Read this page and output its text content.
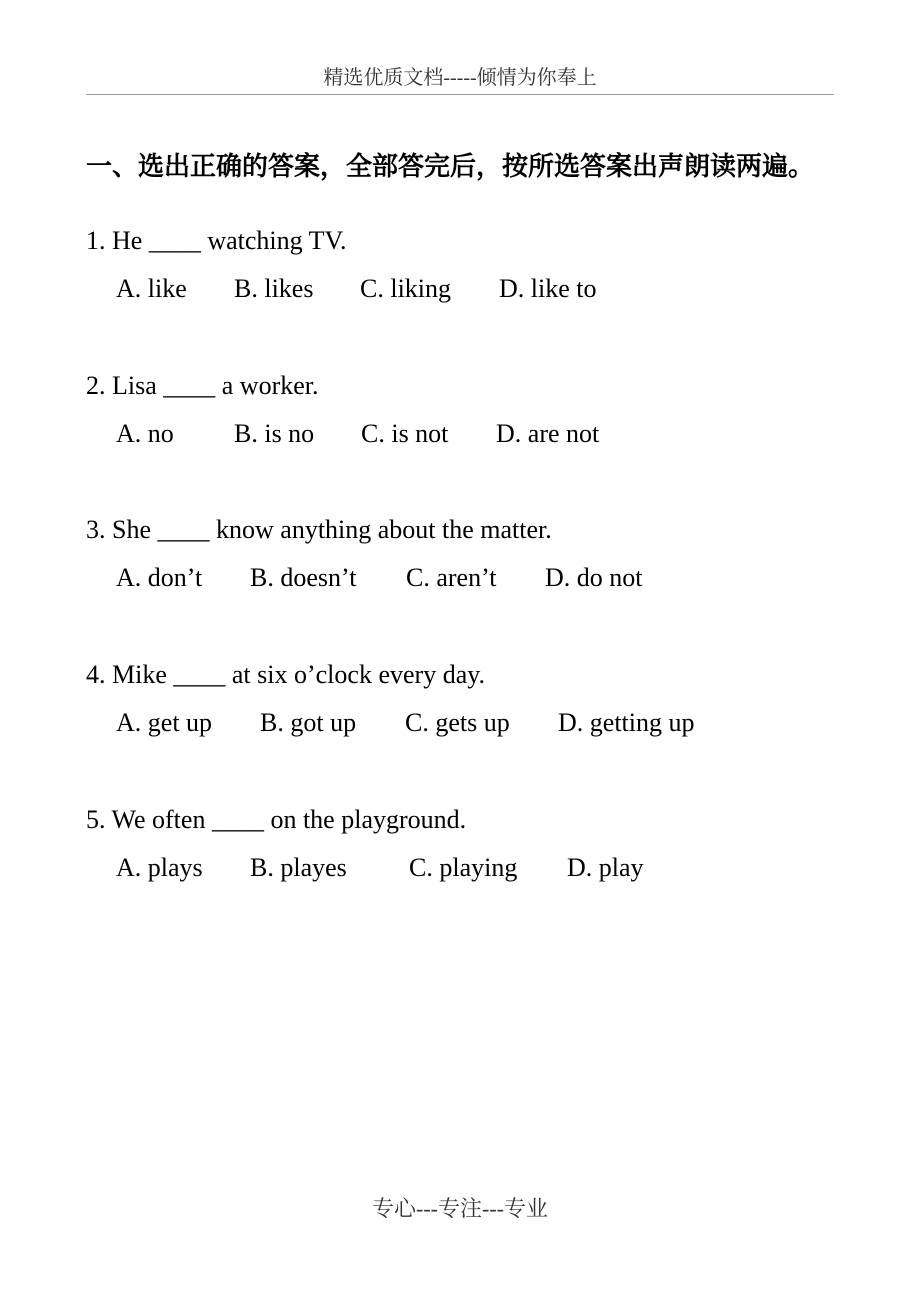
精选优质文档-----倾情为你奉上
一、选出正确的答案，全部答完后，按所选答案出声朗读两遍。
1. He ____ watching TV.
A. like B. likes C. liking D. like to
2. Lisa ____ a worker.
A. no B. is no C. is not D. are not
3. She ____ know anything about the matter.
A. don’t B. doesn’t C. aren’t D. do not
4. Mike ____ at six o’clock every day.
A. get up B. got up C. gets up D. getting up
5. We often ____ on the playground.
A. plays B. playes C. playing D. play
专心---专注---专业
